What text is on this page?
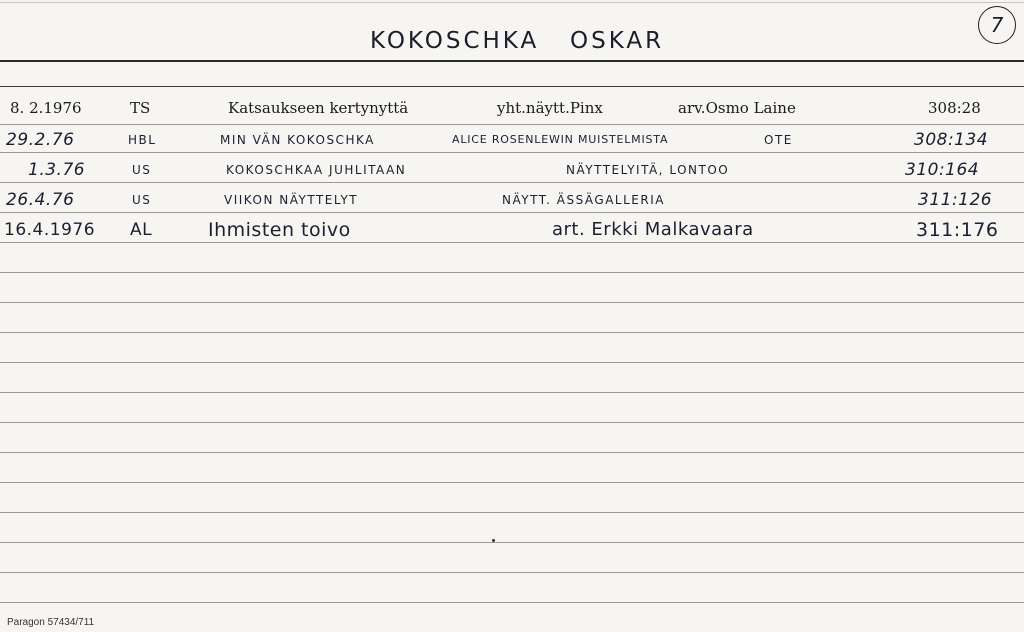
KOKOSCHKA OSKAR
7
8. 2.1976	TS	Katsaukseen kertynyttä	yht.näytt.Pinx	arv.Osmo Laine	308:28
29.2.76	HBL	MIN VÄN KOKOSCHKA	ALICE ROSENLEWIN MUISTELMISTA	OTE	308:134
1.3.76	US	KOKOSCHKAA JUHLITAAN	NÄYTTELYITÄ, LONTOO	310:164
26.4.76	US	VIIKON NÄYTTELYT	NÄYTT. ÄSSÄGALLERIA	311:126
16.4.1976 AL	Ihmisten toivo	art. Erkki Malkavaara	311:176
Paragon 57434/711
